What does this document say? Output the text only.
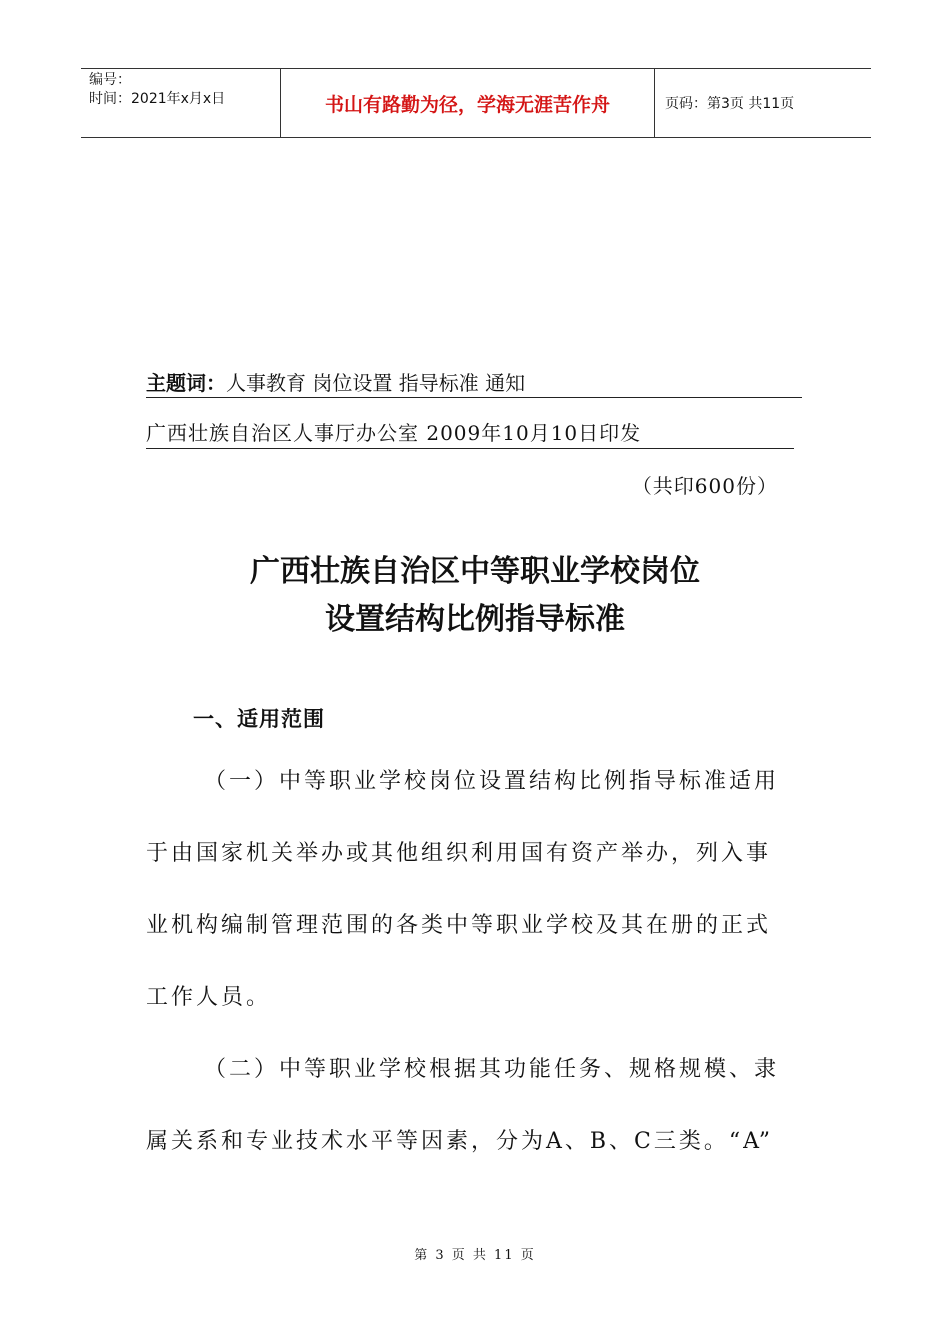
编号：
时间：2021年x月x日	书山有路勤为径，学海无涯苦作舟	页码：第3页 共11页
主题词：人事教育 岗位设置 指导标准 通知
广西壮族自治区人事厅办公室 2009年10月10日印发
（共印600份）
广西壮族自治区中等职业学校岗位
设置结构比例指导标准
一、适用范围

（一）中等职业学校岗位设置结构比例指导标准适用于由国家机关举办或其他组织利用国有资产举办，列入事业机构编制管理范围的各类中等职业学校及其在册的正式工作人员。

（二）中等职业学校根据其功能任务、规格规模、隶属关系和专业技术水平等因素，分为A、B、C三类。“A”

第 3 页 共 11 页
